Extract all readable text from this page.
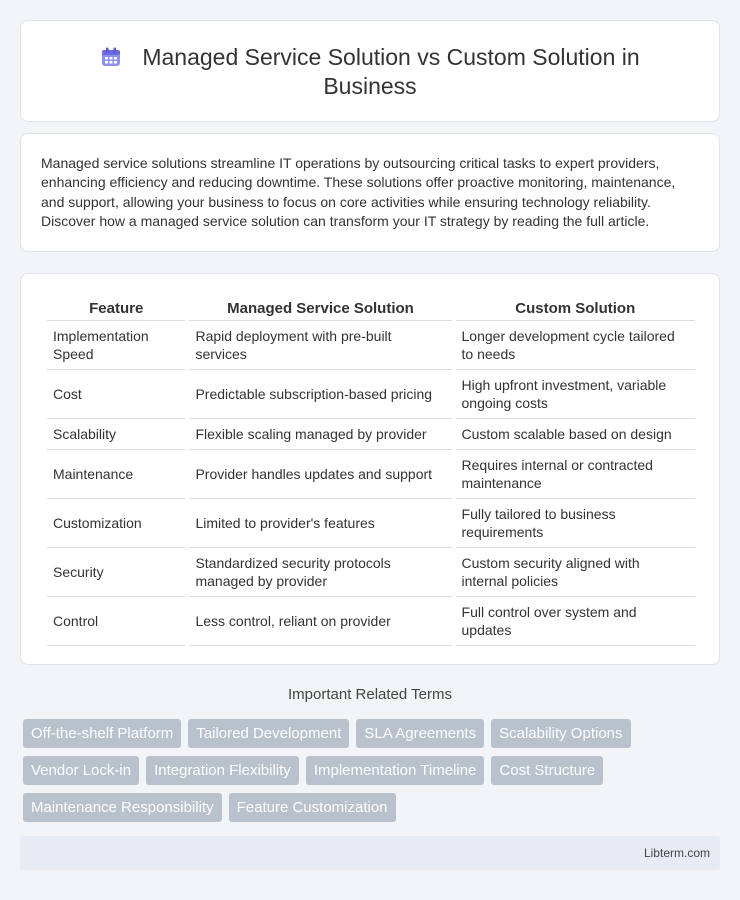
Managed Service Solution vs Custom Solution in Business

Managed service solutions streamline IT operations by outsourcing critical tasks to expert providers, enhancing efficiency and reducing downtime. These solutions offer proactive monitoring, maintenance, and support, allowing your business to focus on core activities while ensuring technology reliability. Discover how a managed service solution can transform your IT strategy by reading the full article.

Feature	Managed Service Solution	Custom Solution
Implementation Speed	Rapid deployment with pre-built services	Longer development cycle tailored to needs
Cost	Predictable subscription-based pricing	High upfront investment, variable ongoing costs
Scalability	Flexible scaling managed by provider	Custom scalable based on design
Maintenance	Provider handles updates and support	Requires internal or contracted maintenance
Customization	Limited to provider's features	Fully tailored to business requirements
Security	Standardized security protocols managed by provider	Custom security aligned with internal policies
Control	Less control, reliant on provider	Full control over system and updates
Important Related Terms
Off-the-shelf Platform	Tailored Development	SLA Agreements	Scalability Options
Vendor Lock-in	Integration Flexibility	Implementation Timeline	Cost Structure
Maintenance Responsibility	Feature Customization
Libterm.com
